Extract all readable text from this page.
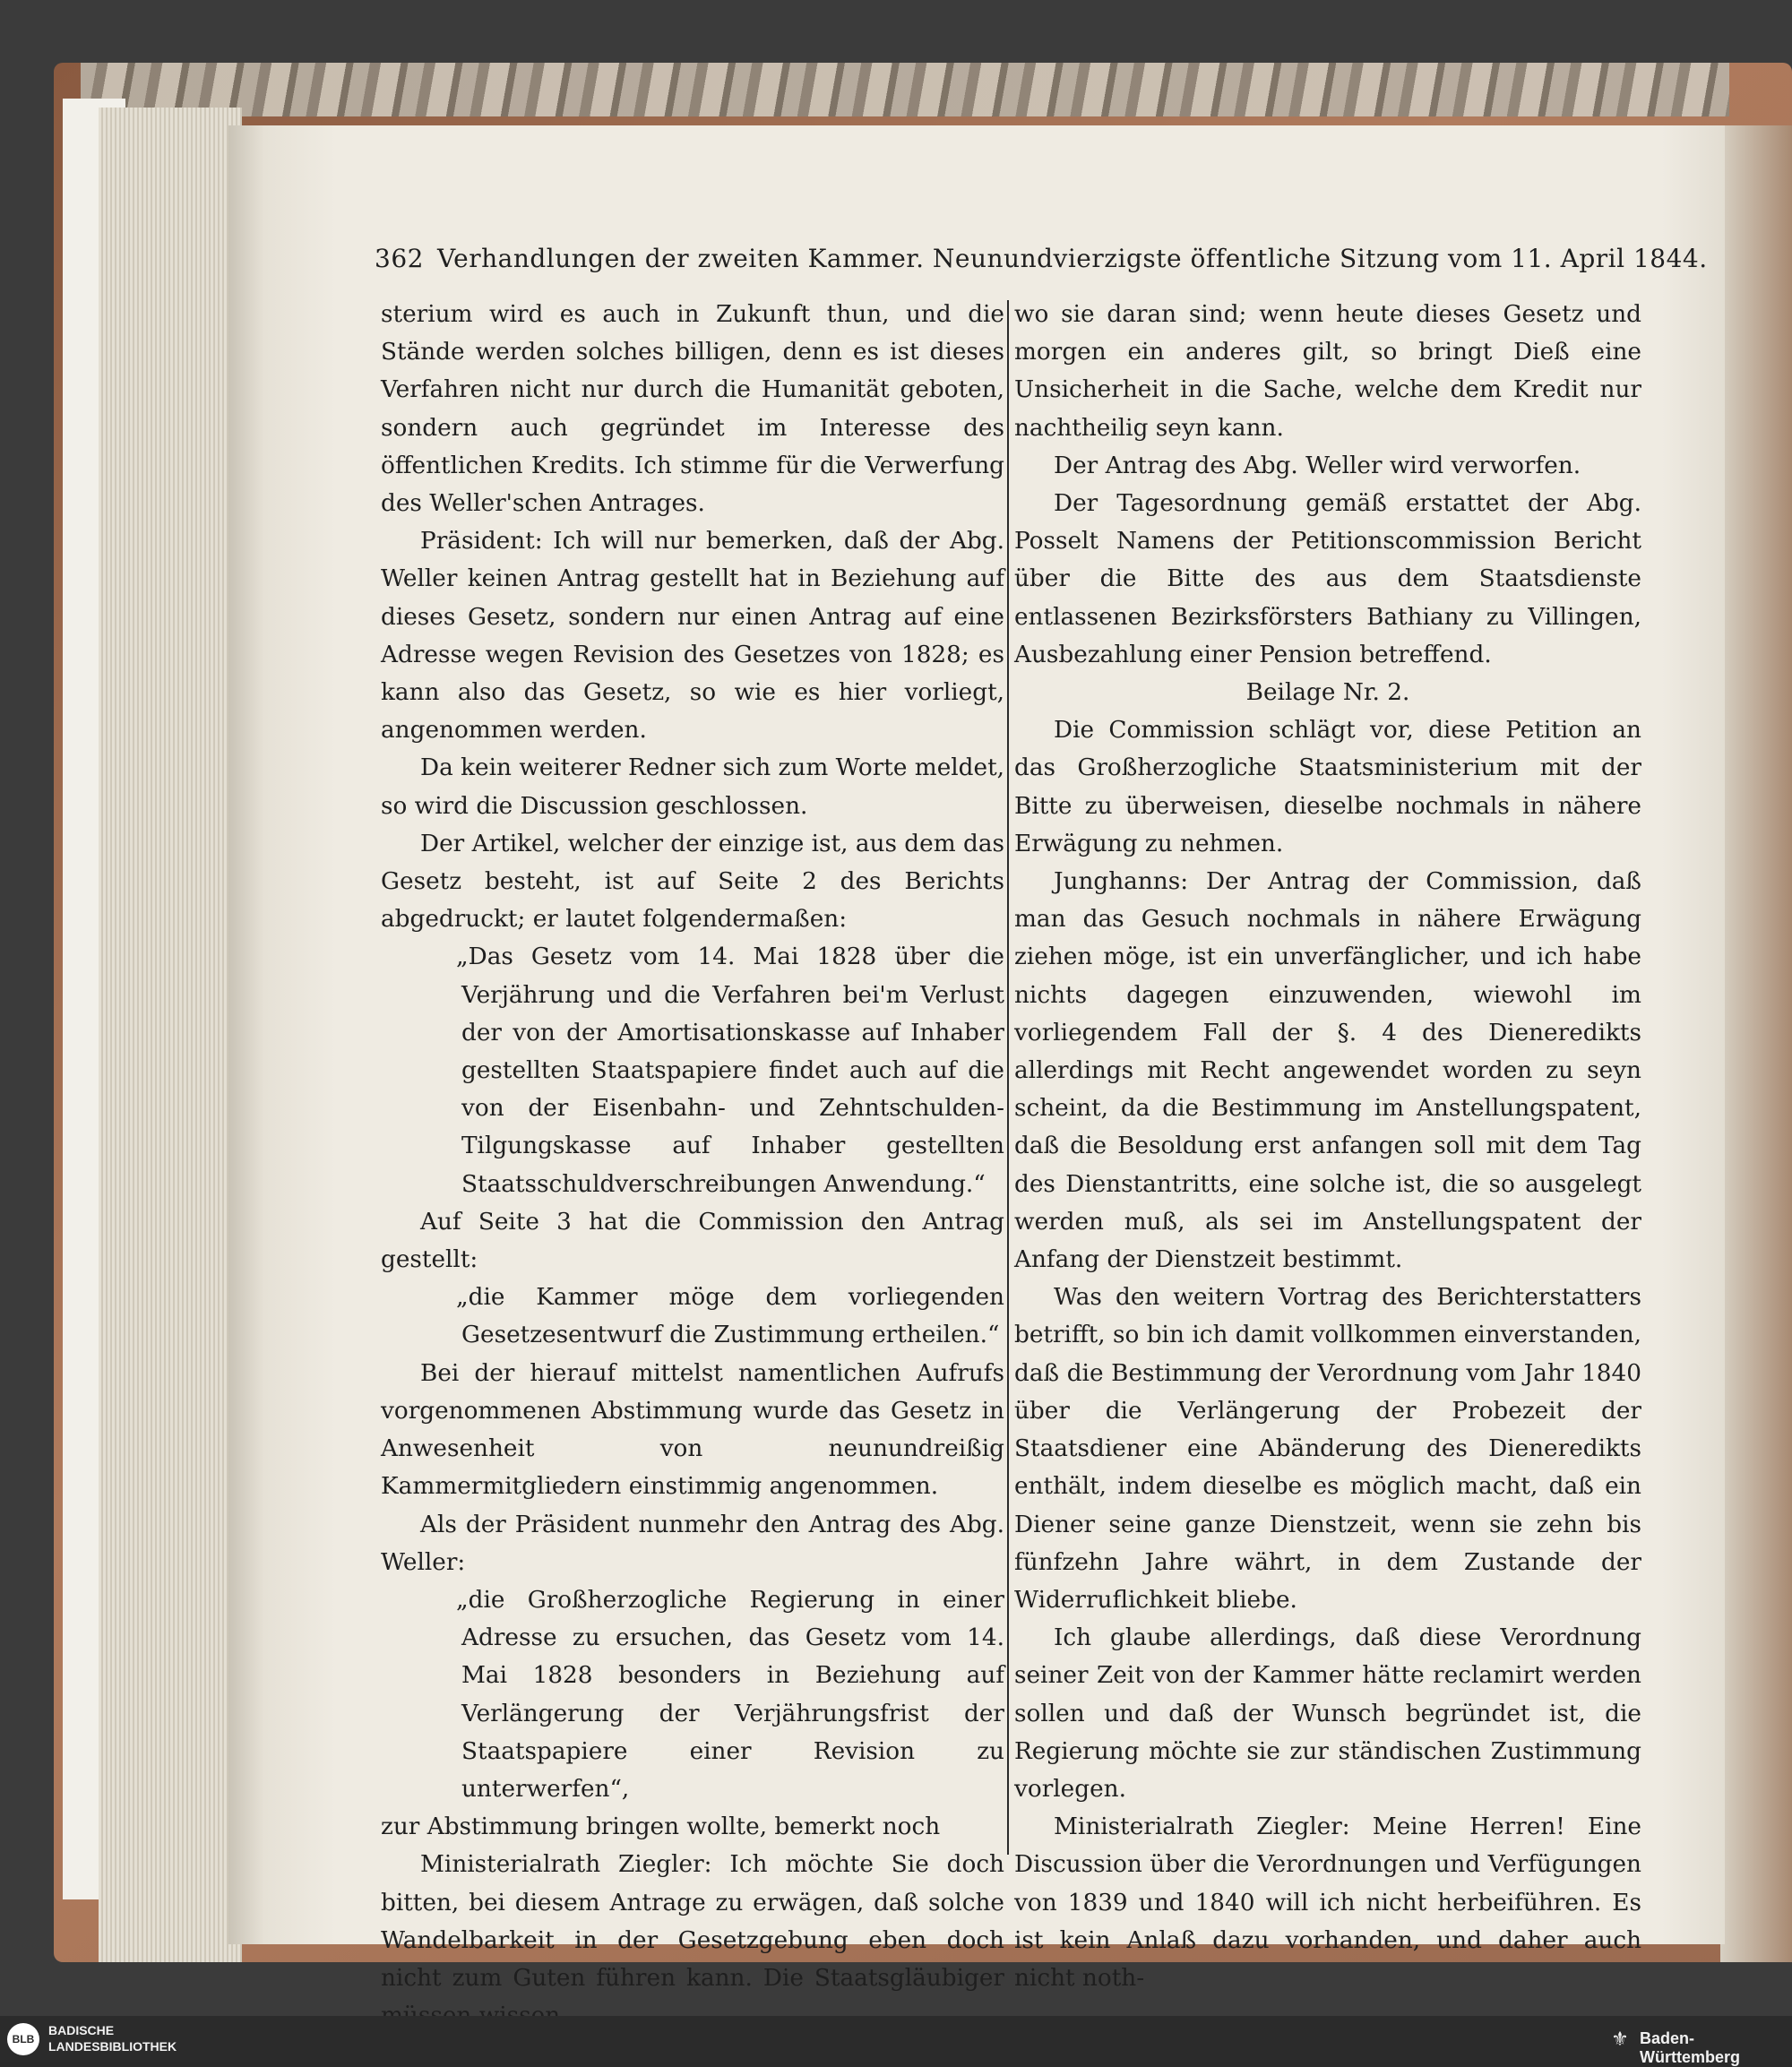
362 Verhandlungen der zweiten Kammer. Neunundvierzigste öffentliche Sitzung vom 11. April 1844.

sterium wird es auch in Zukunft thun, und die Stände werden solches billigen, denn es ist dieses Verfahren nicht nur durch die Humanität geboten, sondern auch gegründet im Interesse des öffentlichen Kredits. Ich stimme für die Verwerfung des Weller'schen Antrages.

Präsident: Ich will nur bemerken, daß der Abg. Weller keinen Antrag gestellt hat in Beziehung auf dieses Gesetz, sondern nur einen Antrag auf eine Adresse wegen Revision des Gesetzes von 1828; es kann also das Gesetz, so wie es hier vorliegt, angenommen werden.

Da kein weiterer Redner sich zum Worte meldet, so wird die Discussion geschlossen.

Der Artikel, welcher der einzige ist, aus dem das Gesetz besteht, ist auf Seite 2 des Berichts abgedruckt; er lautet folgendermaßen:

„Das Gesetz vom 14. Mai 1828 über die Verjährung und die Verfahren bei'm Verlust der von der Amortisationskasse auf Inhaber gestellten Staatspapiere findet auch auf die von der Eisenbahn- und Zehntschulden-Tilgungskasse auf Inhaber gestellten Staatsschuldverschreibungen Anwendung.“

Auf Seite 3 hat die Commission den Antrag gestellt:

„die Kammer möge dem vorliegenden Gesetzesentwurf die Zustimmung ertheilen.“

Bei der hierauf mittelst namentlichen Aufrufs vorgenommenen Abstimmung wurde das Gesetz in Anwesenheit von neunundreißig Kammermitgliedern einstimmig angenommen.

Als der Präsident nunmehr den Antrag des Abg. Weller:

„die Großherzogliche Regierung in einer Adresse zu ersuchen, das Gesetz vom 14. Mai 1828 besonders in Beziehung auf Verlängerung der Verjährungsfrist der Staatspapiere einer Revision zu unterwerfen“,

zur Abstimmung bringen wollte, bemerkt noch

Ministerialrath Ziegler: Ich möchte Sie doch bitten, bei diesem Antrage zu erwägen, daß solche Wandelbarkeit in der Gesetzgebung eben doch nicht zum Guten führen kann. Die Staatsgläubiger

wo sie daran sind; wenn heute dieses Gesetz und morgen ein anderes gilt, so bringt Dieß eine Unsicherheit in die Sache, welche dem Kredit nur nachtheilig seyn kann.

Der Antrag des Abg. Weller wird verworfen.

Der Tagesordnung gemäß erstattet der Abg. Posselt Namens der Petitionscommission Bericht über die Bitte des aus dem Staatsdienste entlassenen Bezirksförsters Bathiany zu Villingen, Ausbezahlung einer Pension betreffend.

Beilage Nr. 2.

Die Commission schlägt vor, diese Petition an das Großherzogliche Staatsministerium mit der Bitte zu überweisen, dieselbe nochmals in nähere Erwägung zu nehmen.

Junghanns: Der Antrag der Commission, daß man das Gesuch nochmals in nähere Erwägung ziehen möge, ist ein unverfänglicher, und ich habe nichts dagegen einzuwenden, wiewohl im vorliegendem Fall der §. 4 des Dieneredikts allerdings mit Recht angewendet worden zu seyn scheint, da die Bestimmung im Anstellungspatent, daß die Besoldung erst anfangen soll mit dem Tag des Dienstantritts, eine solche ist, die so ausgelegt werden muß, als sei im Anstellungspatent der Anfang der Dienstzeit bestimmt.

Was den weitern Vortrag des Berichterstatters betrifft, so bin ich damit vollkommen einverstanden, daß die Bestimmung der Verordnung vom Jahr 1840 über die Verlängerung der Probezeit der Staatsdiener eine Abänderung des Dieneredikts enthält, indem dieselbe es möglich macht, daß ein Diener seine ganze Dienstzeit, wenn sie zehn bis fünfzehn Jahre währt, in dem Zustande der Widerruflichkeit bliebe.

Ich glaube allerdings, daß diese Verordnung seiner Zeit von der Kammer hätte reclamirt werden sollen und daß der Wunsch begründet ist, die Regierung möchte sie zur ständischen Zustimmung vorlegen.

Ministerialrath Ziegler: Meine Herren! Eine Discussion über die Verordnungen und Verfügungen von 1839 und 1840 will ich nicht herbeiführen. Es ist kein Anlaß dazu vorhanden, und daher auch nicht noth-

BLB
BADISCHE
LANDESBIBLIOTHEK	⚜ Baden-Württemberg
